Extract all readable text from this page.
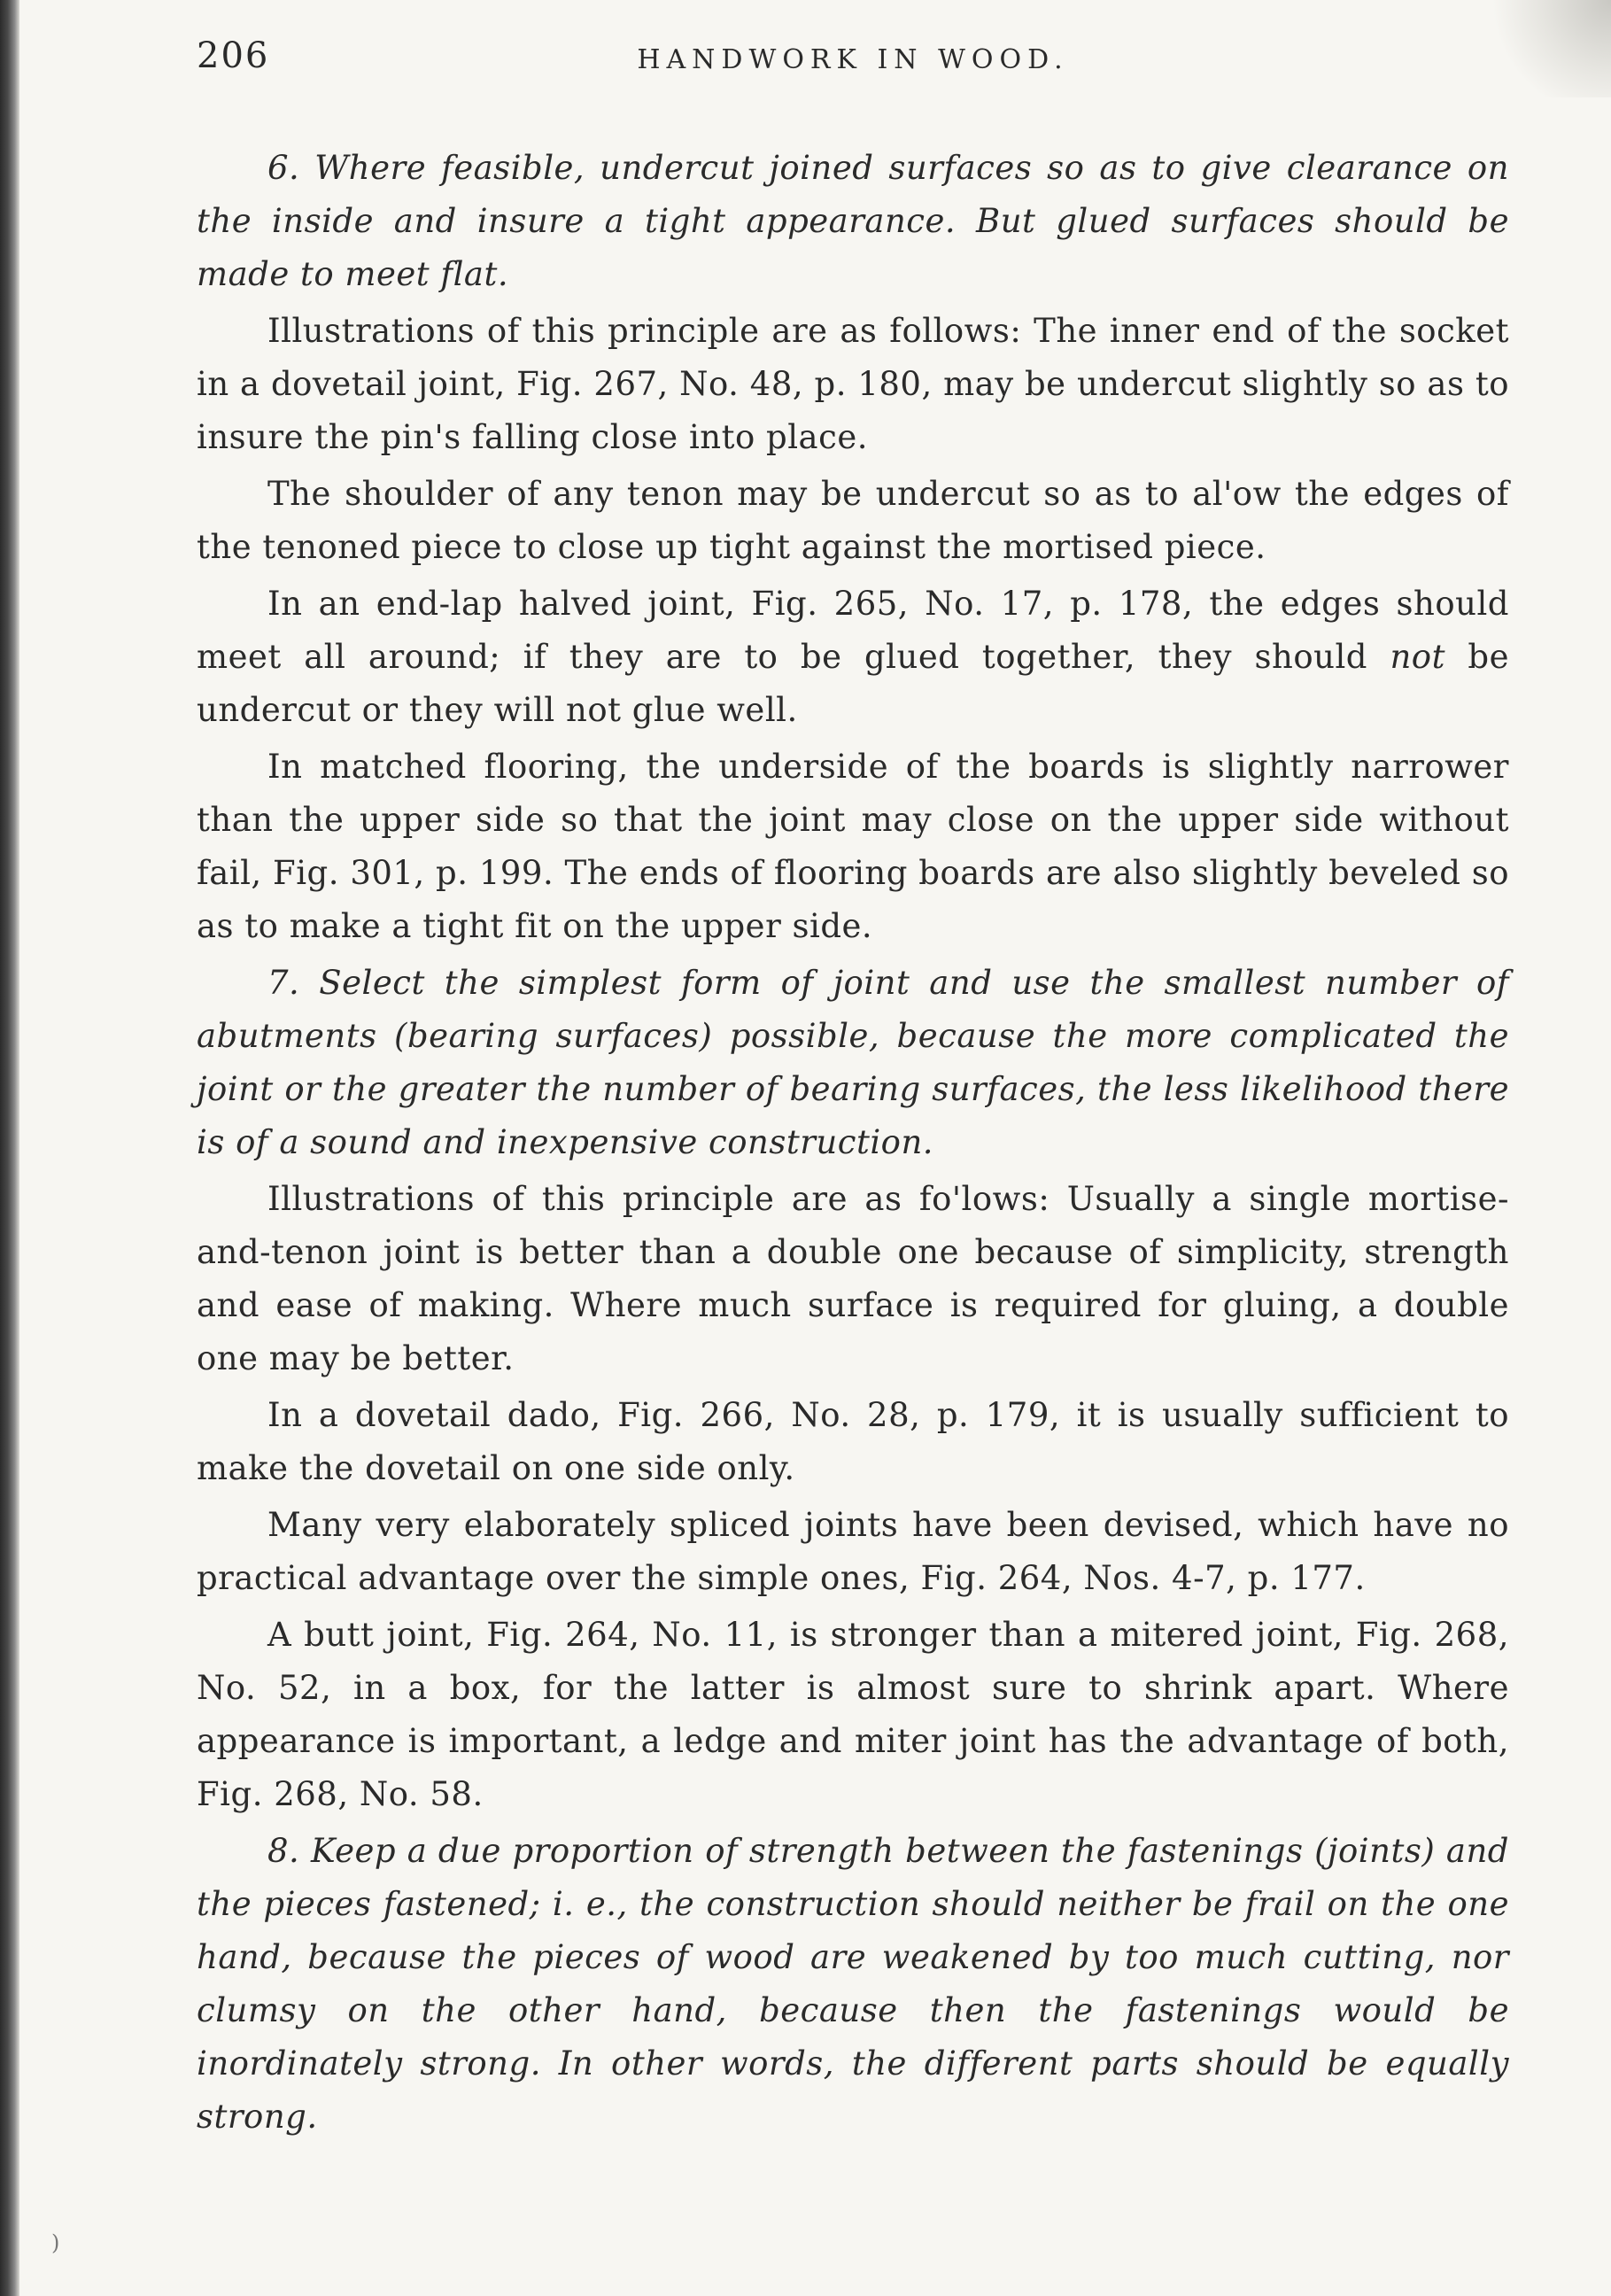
206	HANDWORK IN WOOD.

6. Where feasible, undercut joined surfaces so as to give clearance on the inside and insure a tight appearance. But glued surfaces should be made to meet flat.

Illustrations of this principle are as follows: The inner end of the socket in a dovetail joint, Fig. 267, No. 48, p. 180, may be undercut slightly so as to insure the pin's falling close into place.

The shoulder of any tenon may be undercut so as to al'ow the edges of the tenoned piece to close up tight against the mortised piece.

In an end-lap halved joint, Fig. 265, No. 17, p. 178, the edges should meet all around; if they are to be glued together, they should not be undercut or they will not glue well.

In matched flooring, the underside of the boards is slightly narrower than the upper side so that the joint may close on the upper side without fail, Fig. 301, p. 199. The ends of flooring boards are also slightly beveled so as to make a tight fit on the upper side.

7. Select the simplest form of joint and use the smallest number of abutments (bearing surfaces) possible, because the more complicated the joint or the greater the number of bearing surfaces, the less likelihood there is of a sound and inexpensive construction.

Illustrations of this principle are as fo'lows: Usually a single mortise-and-tenon joint is better than a double one because of simplicity, strength and ease of making. Where much surface is required for gluing, a double one may be better.

In a dovetail dado, Fig. 266, No. 28, p. 179, it is usually sufficient to make the dovetail on one side only.

Many very elaborately spliced joints have been devised, which have no practical advantage over the simple ones, Fig. 264, Nos. 4-7, p. 177.

A butt joint, Fig. 264, No. 11, is stronger than a mitered joint, Fig. 268, No. 52, in a box, for the latter is almost sure to shrink apart. Where appearance is important, a ledge and miter joint has the advantage of both, Fig. 268, No. 58.

8. Keep a due proportion of strength between the fastenings (joints) and the pieces fastened; i. e., the construction should neither be frail on the one hand, because the pieces of wood are weakened by too much cutting, nor clumsy on the other hand, because then the fastenings would be inordinately strong. In other words, the different parts should be equally strong.

)
